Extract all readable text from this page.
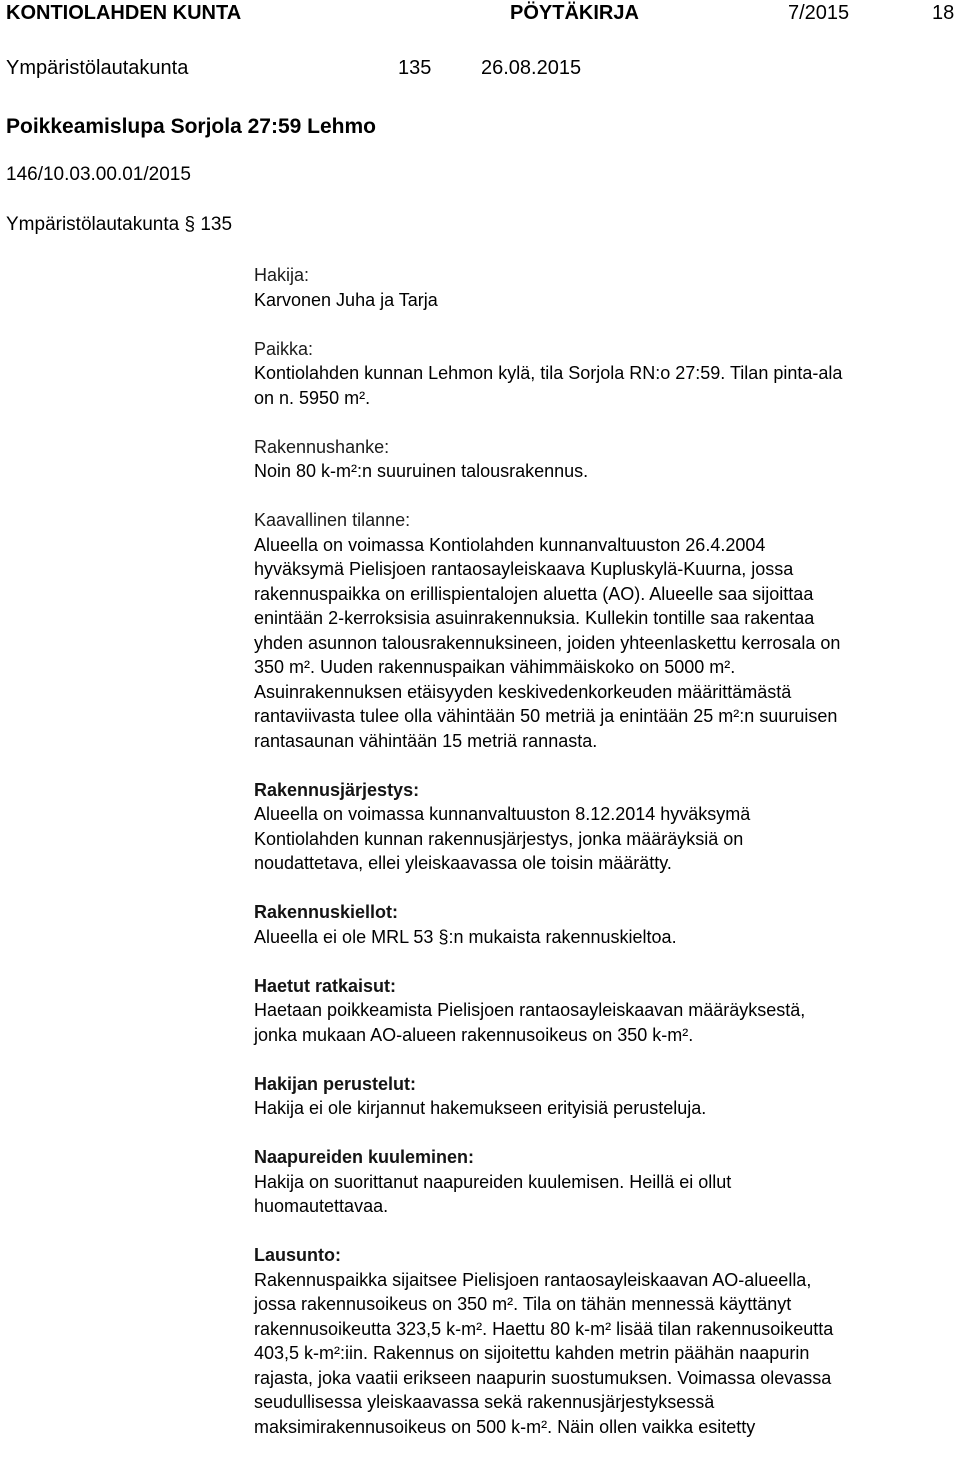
KONTIOLAHDEN KUNTA	PÖYTÄKIRJA	7/2015	18
Ympäristölautakunta	135 26.08.2015
Poikkeamislupa Sorjola 27:59 Lehmo
146/10.03.00.01/2015
Ympäristölautakunta § 135
Hakija:
Karvonen Juha ja Tarja
Paikka:
Kontiolahden kunnan Lehmon kylä, tila Sorjola RN:o 27:59. Tilan pinta-ala
on n. 5950 m².
Rakennushanke:
Noin 80 k-m²:n suuruinen talousrakennus.
Kaavallinen tilanne:
Alueella on voimassa Kontiolahden kunnanvaltuuston 26.4.2004
hyväksymä Pielisjoen rantaosayleiskaava Kupluskylä-Kuurna, jossa
rakennuspaikka on erillispientalojen aluetta (AO). Alueelle saa sijoittaa
enintään 2-kerroksisia asuinrakennuksia. Kullekin tontille saa rakentaa
yhden asunnon talousrakennuksineen, joiden yhteenlaskettu kerrosala on
350 m². Uuden rakennuspaikan vähimmäiskoko on 5000 m².
Asuinrakennuksen etäisyyden keskivedenkorkeuden määrittämästä
rantaviivasta tulee olla vähintään 50 metriä ja enintään 25 m²:n suuruisen
rantasaunan vähintään 15 metriä rannasta.
Rakennusjärjestys:
Alueella on voimassa kunnanvaltuuston 8.12.2014 hyväksymä
Kontiolahden kunnan rakennusjärjestys, jonka määräyksiä on
noudattetava, ellei yleiskaavassa ole toisin määrätty.
Rakennuskiellot:
Alueella ei ole MRL 53 §:n mukaista rakennuskieltoa.
Haetut ratkaisut:
Haetaan poikkeamista Pielisjoen rantaosayleiskaavan määräyksestä,
jonka mukaan AO-alueen rakennusoikeus on 350 k-m².
Hakijan perustelut:
Hakija ei ole kirjannut hakemukseen erityisiä perusteluja.
Naapureiden kuuleminen:
Hakija on suorittanut naapureiden kuulemisen. Heillä ei ollut
huomautettavaa.
Lausunto:
Rakennuspaikka sijaitsee Pielisjoen rantaosayleiskaavan AO-alueella,
jossa rakennusoikeus on 350 m². Tila on tähän mennessä käyttänyt
rakennusoikeutta 323,5 k-m². Haettu 80 k-m² lisää tilan rakennusoikeutta
403,5 k-m²:iin. Rakennus on sijoitettu kahden metrin päähän naapurin
rajasta, joka vaatii erikseen naapurin suostumuksen. Voimassa olevassa
seudullisessa yleiskaavassa sekä rakennusjärjestyksessä
maksimirakennusoikeus on 500 k-m². Näin ollen vaikka esitetty
